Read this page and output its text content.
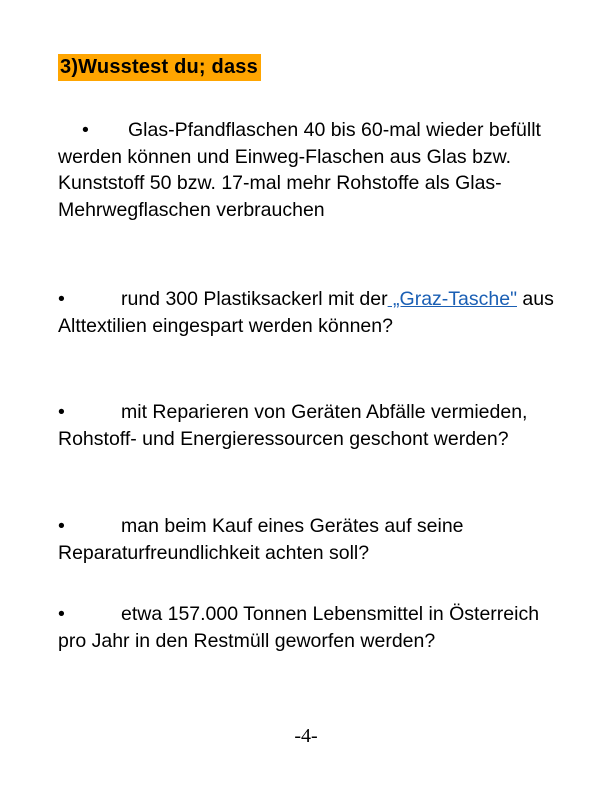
3)Wusstest du; dass
• Glas-Pfandflaschen 40 bis 60-mal wieder befüllt werden können und Einweg-Flaschen aus Glas bzw. Kunststoff 50 bzw. 17-mal mehr Rohstoffe als Glas-Mehrwegflaschen verbrauchen
•	rund 300 Plastiksackerl mit der „Graz-Tasche" aus Alttextilien eingespart werden können?
•	mit Reparieren von Geräten Abfälle vermieden, Rohstoff- und Energieressourcen geschont werden?
•	man beim Kauf eines Gerätes auf seine Reparaturfreundlichkeit achten soll?
•	etwa 157.000 Tonnen Lebensmittel in Österreich pro Jahr in den Restmüll geworfen werden?
-4-
